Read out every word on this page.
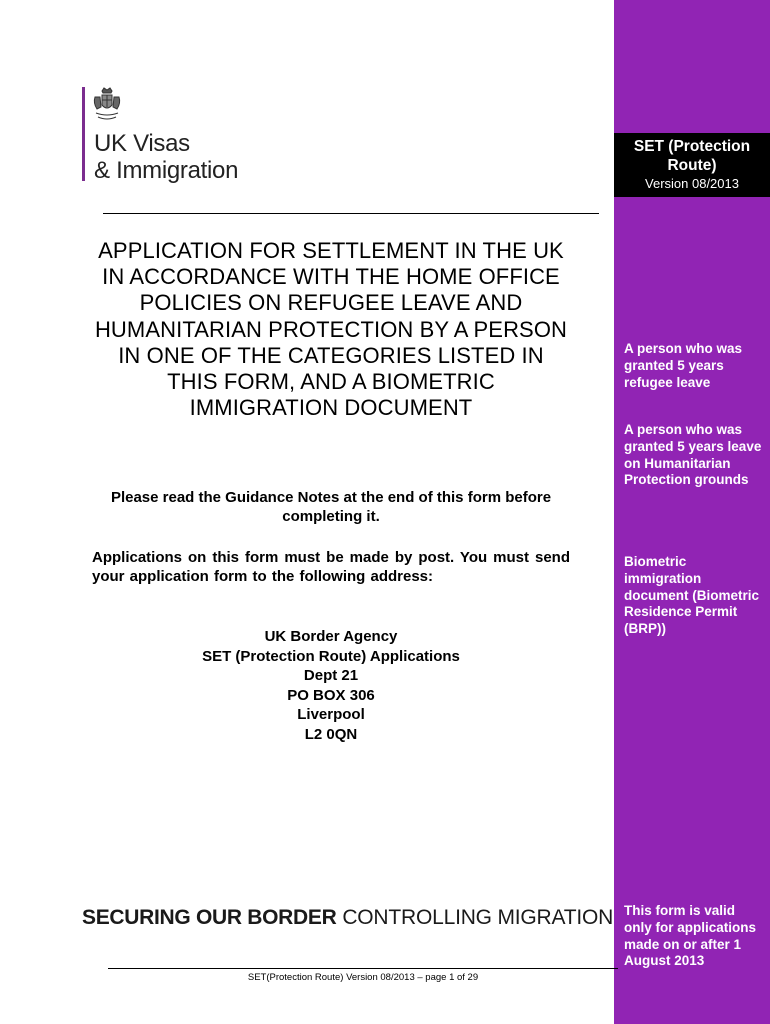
SET (Protection Route)
Version 08/2013
A person who was granted 5 years refugee leave
A person who was granted 5 years leave on Humanitarian Protection grounds
Biometric immigration document (Biometric Residence Permit (BRP))
This form is valid only for applications made on or after 1 August 2013
UK Visas
& Immigration
APPLICATION FOR SETTLEMENT IN THE UK IN ACCORDANCE WITH THE HOME OFFICE POLICIES ON REFUGEE LEAVE AND HUMANITARIAN PROTECTION BY A PERSON IN ONE OF THE CATEGORIES LISTED IN THIS FORM, AND A BIOMETRIC IMMIGRATION DOCUMENT
Please read the Guidance Notes at the end of this form before completing it.
Applications on this form must be made by post. You must send your application form to the following address:
UK Border Agency
SET (Protection Route) Applications
Dept 21
PO BOX 306
Liverpool
L2 0QN
SECURING OUR BORDER CONTROLLING MIGRATION
SET(Protection Route) Version 08/2013 – page 1 of 29
